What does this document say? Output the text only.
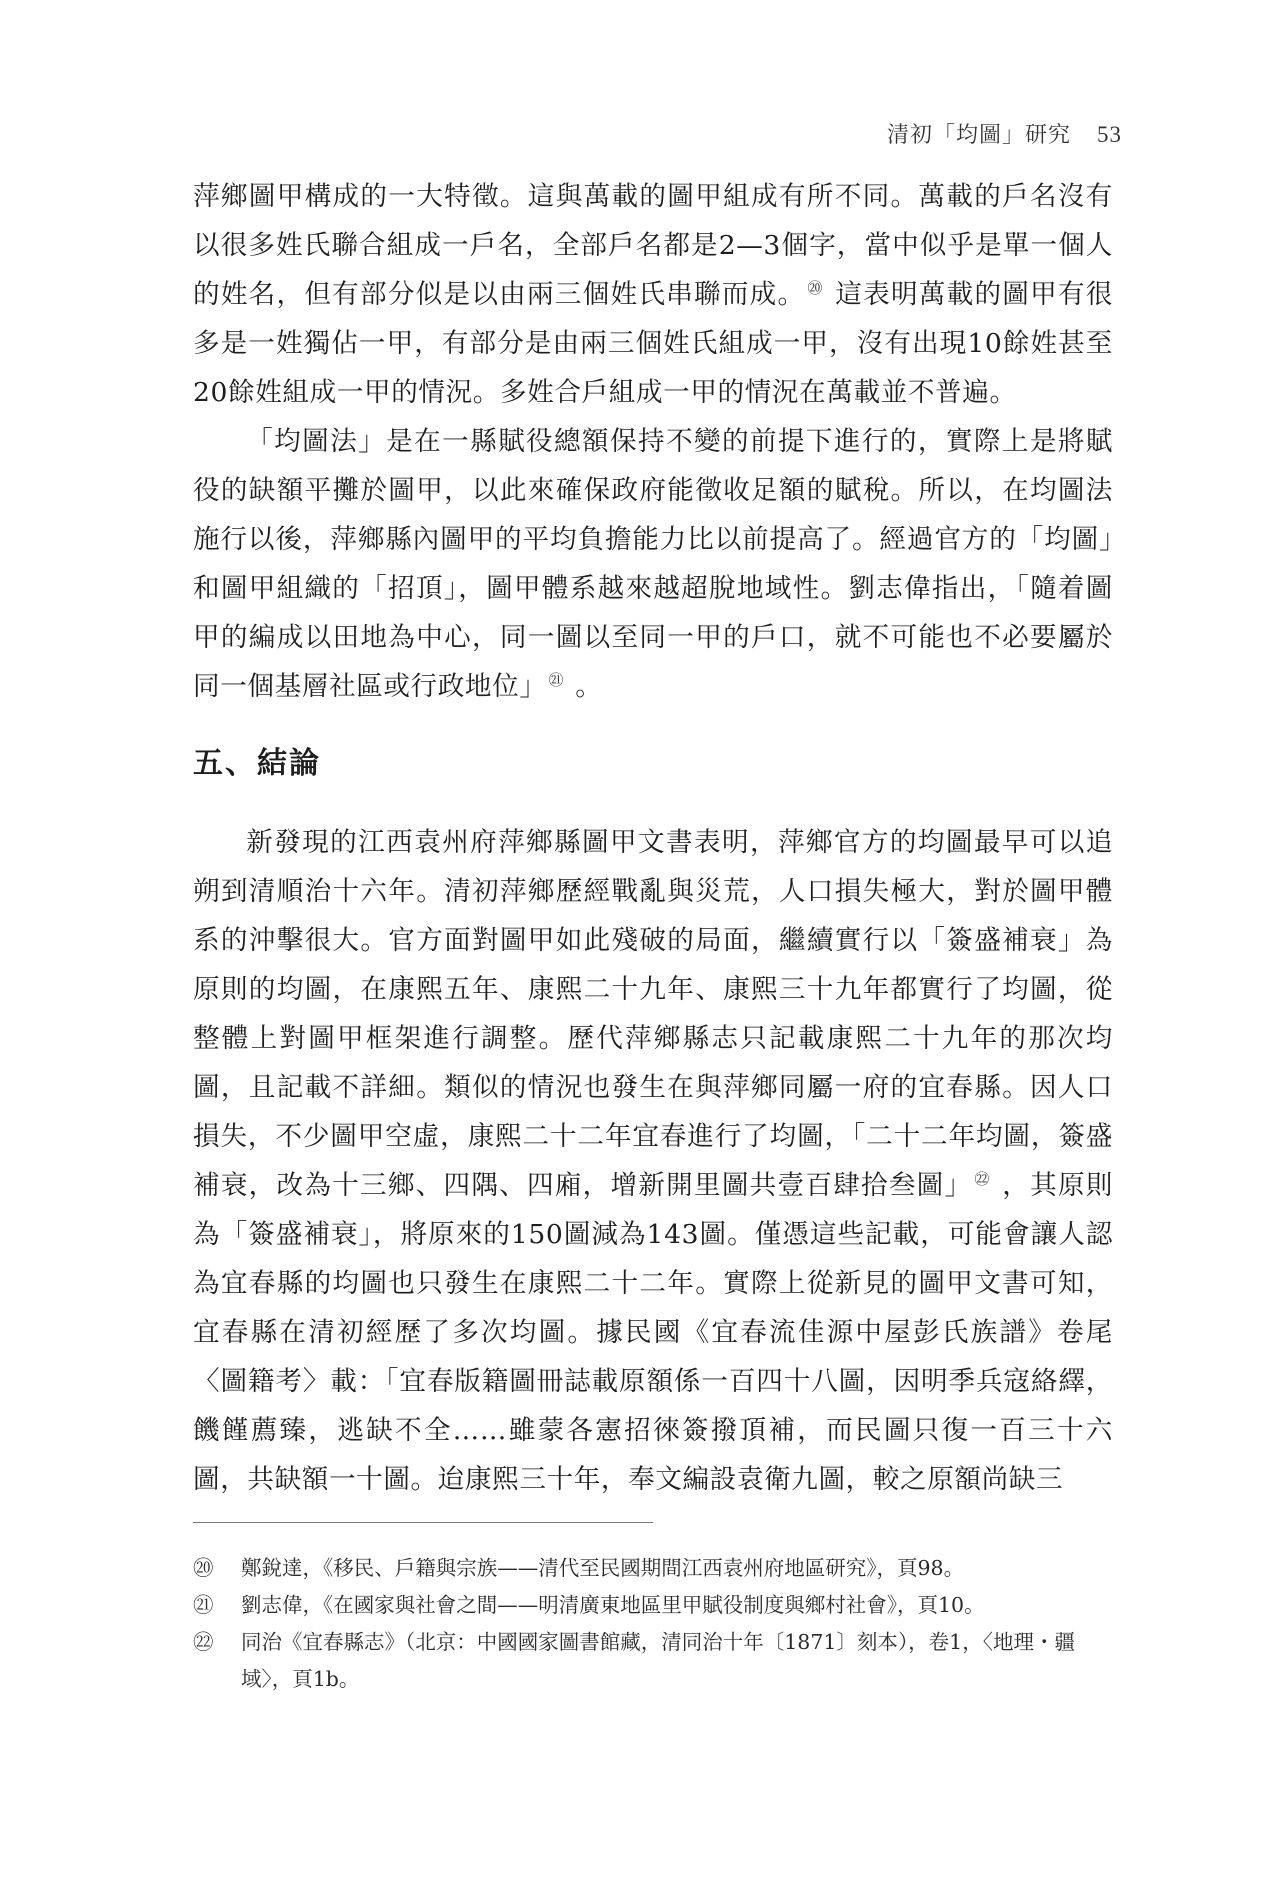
清初「均圖」研究 53

萍鄉圖甲構成的一大特徵。這與萬載的圖甲組成有所不同。萬載的戶名沒有以很多姓氏聯合組成一戶名，全部戶名都是2—3個字，當中似乎是單一個人的姓名，但有部分似是以由兩三個姓氏串聯而成。 ⑳ 這表明萬載的圖甲有很多是一姓獨佔一甲，有部分是由兩三個姓氏組成一甲，沒有出現10餘姓甚至20餘姓組成一甲的情況。多姓合戶組成一甲的情況在萬載並不普遍。

「均圖法」是在一縣賦役總額保持不變的前提下進行的，實際上是將賦役的缺額平攤於圖甲，以此來確保政府能徵收足額的賦稅。所以，在均圖法施行以後，萍鄉縣內圖甲的平均負擔能力比以前提高了。經過官方的「均圖」和圖甲組織的「招頂」，圖甲體系越來越超脫地域性。劉志偉指出，「隨着圖甲的編成以田地為中心，同一圖以至同一甲的戶口，就不可能也不必要屬於同一個基層社區或行政地位」 $^㉑$ 。

五、結論

新發現的江西袁州府萍鄉縣圖甲文書表明，萍鄉官方的均圖最早可以追朔到清順治十六年。清初萍鄉歷經戰亂與災荒，人口損失極大，對於圖甲體系的沖擊很大。官方面對圖甲如此殘破的局面，繼續實行以「簽盛補衰」為原則的均圖，在康熙五年、康熙二十九年、康熙三十九年都實行了均圖，從整體上對圖甲框架進行調整。歷代萍鄉縣志只記載康熙二十九年的那次均圖，且記載不詳細。類似的情況也發生在與萍鄉同屬一府的宜春縣。因人口損失，不少圖甲空虛，康熙二十二年宜春進行了均圖，「二十二年均圖，簽盛補衰，改為十三鄉、四隅、四廂，增新開里圖共壹百肆拾叁圖」 $^㉒$ ，其原則為「簽盛補衰」，將原來的150圖減為143圖。僅憑這些記載，可能會讓人認為宜春縣的均圖也只發生在康熙二十二年。實際上從新見的圖甲文書可知，宜春縣在清初經歷了多次均圖。據民國《宜春流佳源中屋彭氏族譜》卷尾〈圖籍考〉載：「宜春版籍圖冊誌載原額係一百四十八圖，因明季兵寇絡繹，饑饉薦臻，逃缺不全……雖蒙各憲招徠簽撥頂補，而民圖只復一百三十六圖，共缺額一十圖。迨康熙三十年，奉文編設袁衛九圖，較之原額尚缺三

⑳	鄭銳達，《移民、戶籍與宗族——清代至民國期間江西袁州府地區研究》，頁98。
㉑	劉志偉，《在國家與社會之間——明清廣東地區里甲賦役制度與鄉村社會》，頁10。
㉒	同治《宜春縣志》（北京：中國國家圖書館藏，清同治十年〔1871〕刻本），卷1，〈地理・疆域〉，頁1b。
